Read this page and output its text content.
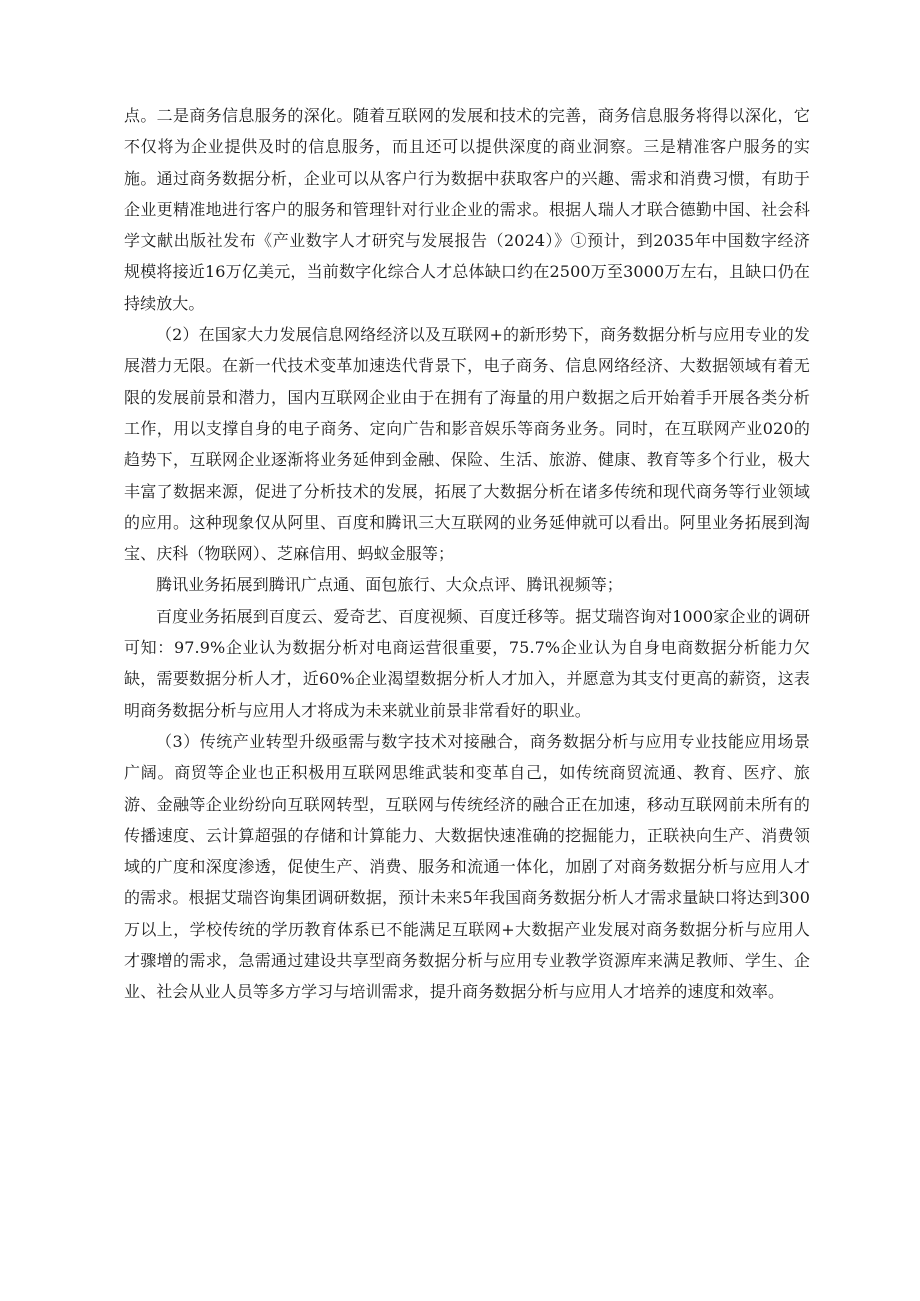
点。二是商务信息服务的深化。随着互联网的发展和技术的完善，商务信息服务将得以深化，它不仅将为企业提供及时的信息服务，而且还可以提供深度的商业洞察。三是精准客户服务的实施。通过商务数据分析，企业可以从客户行为数据中获取客户的兴趣、需求和消费习惯，有助于企业更精准地进行客户的服务和管理针对行业企业的需求。根据人瑞人才联合德勤中国、社会科学文献出版社发布《产业数字人才研究与发展报告（2024）》①预计，到2035年中国数字经济规模将接近16万亿美元，当前数字化综合人才总体缺口约在2500万至3000万左右，且缺口仍在持续放大。

（2）在国家大力发展信息网络经济以及互联网+的新形势下，商务数据分析与应用专业的发展潜力无限。在新一代技术变革加速迭代背景下，电子商务、信息网络经济、大数据领域有着无限的发展前景和潜力，国内互联网企业由于在拥有了海量的用户数据之后开始着手开展各类分析工作，用以支撑自身的电子商务、定向广告和影音娱乐等商务业务。同时，在互联网产业020的趋势下，互联网企业逐渐将业务延伸到金融、保险、生活、旅游、健康、教育等多个行业，极大丰富了数据来源，促进了分析技术的发展，拓展了大数据分析在诸多传统和现代商务等行业领域的应用。这种现象仅从阿里、百度和腾讯三大互联网的业务延伸就可以看出。阿里业务拓展到淘宝、庆科（物联网）、芝麻信用、蚂蚁金服等；

腾讯业务拓展到腾讯广点通、面包旅行、大众点评、腾讯视频等；

百度业务拓展到百度云、爱奇艺、百度视频、百度迁移等。据艾瑞咨询对1000家企业的调研可知：97.9%企业认为数据分析对电商运营很重要，75.7%企业认为自身电商数据分析能力欠缺，需要数据分析人才，近60%企业渴望数据分析人才加入，并愿意为其支付更高的薪资，这表明商务数据分析与应用人才将成为未来就业前景非常看好的职业。

（3）传统产业转型升级亟需与数字技术对接融合，商务数据分析与应用专业技能应用场景广阔。商贸等企业也正积极用互联网思维武装和变革自己，如传统商贸流通、教育、医疗、旅游、金融等企业纷纷向互联网转型，互联网与传统经济的融合正在加速，移动互联网前未所有的传播速度、云计算超强的存储和计算能力、大数据快速准确的挖掘能力，正联袂向生产、消费领域的广度和深度渗透，促使生产、消费、服务和流通一体化，加剧了对商务数据分析与应用人才的需求。根据艾瑞咨询集团调研数据，预计未来5年我国商务数据分析人才需求量缺口将达到300万以上，学校传统的学历教育体系已不能满足互联网+大数据产业发展对商务数据分析与应用人才骤增的需求，急需通过建设共享型商务数据分析与应用专业教学资源库来满足教师、学生、企业、社会从业人员等多方学习与培训需求，提升商务数据分析与应用人才培养的速度和效率。
